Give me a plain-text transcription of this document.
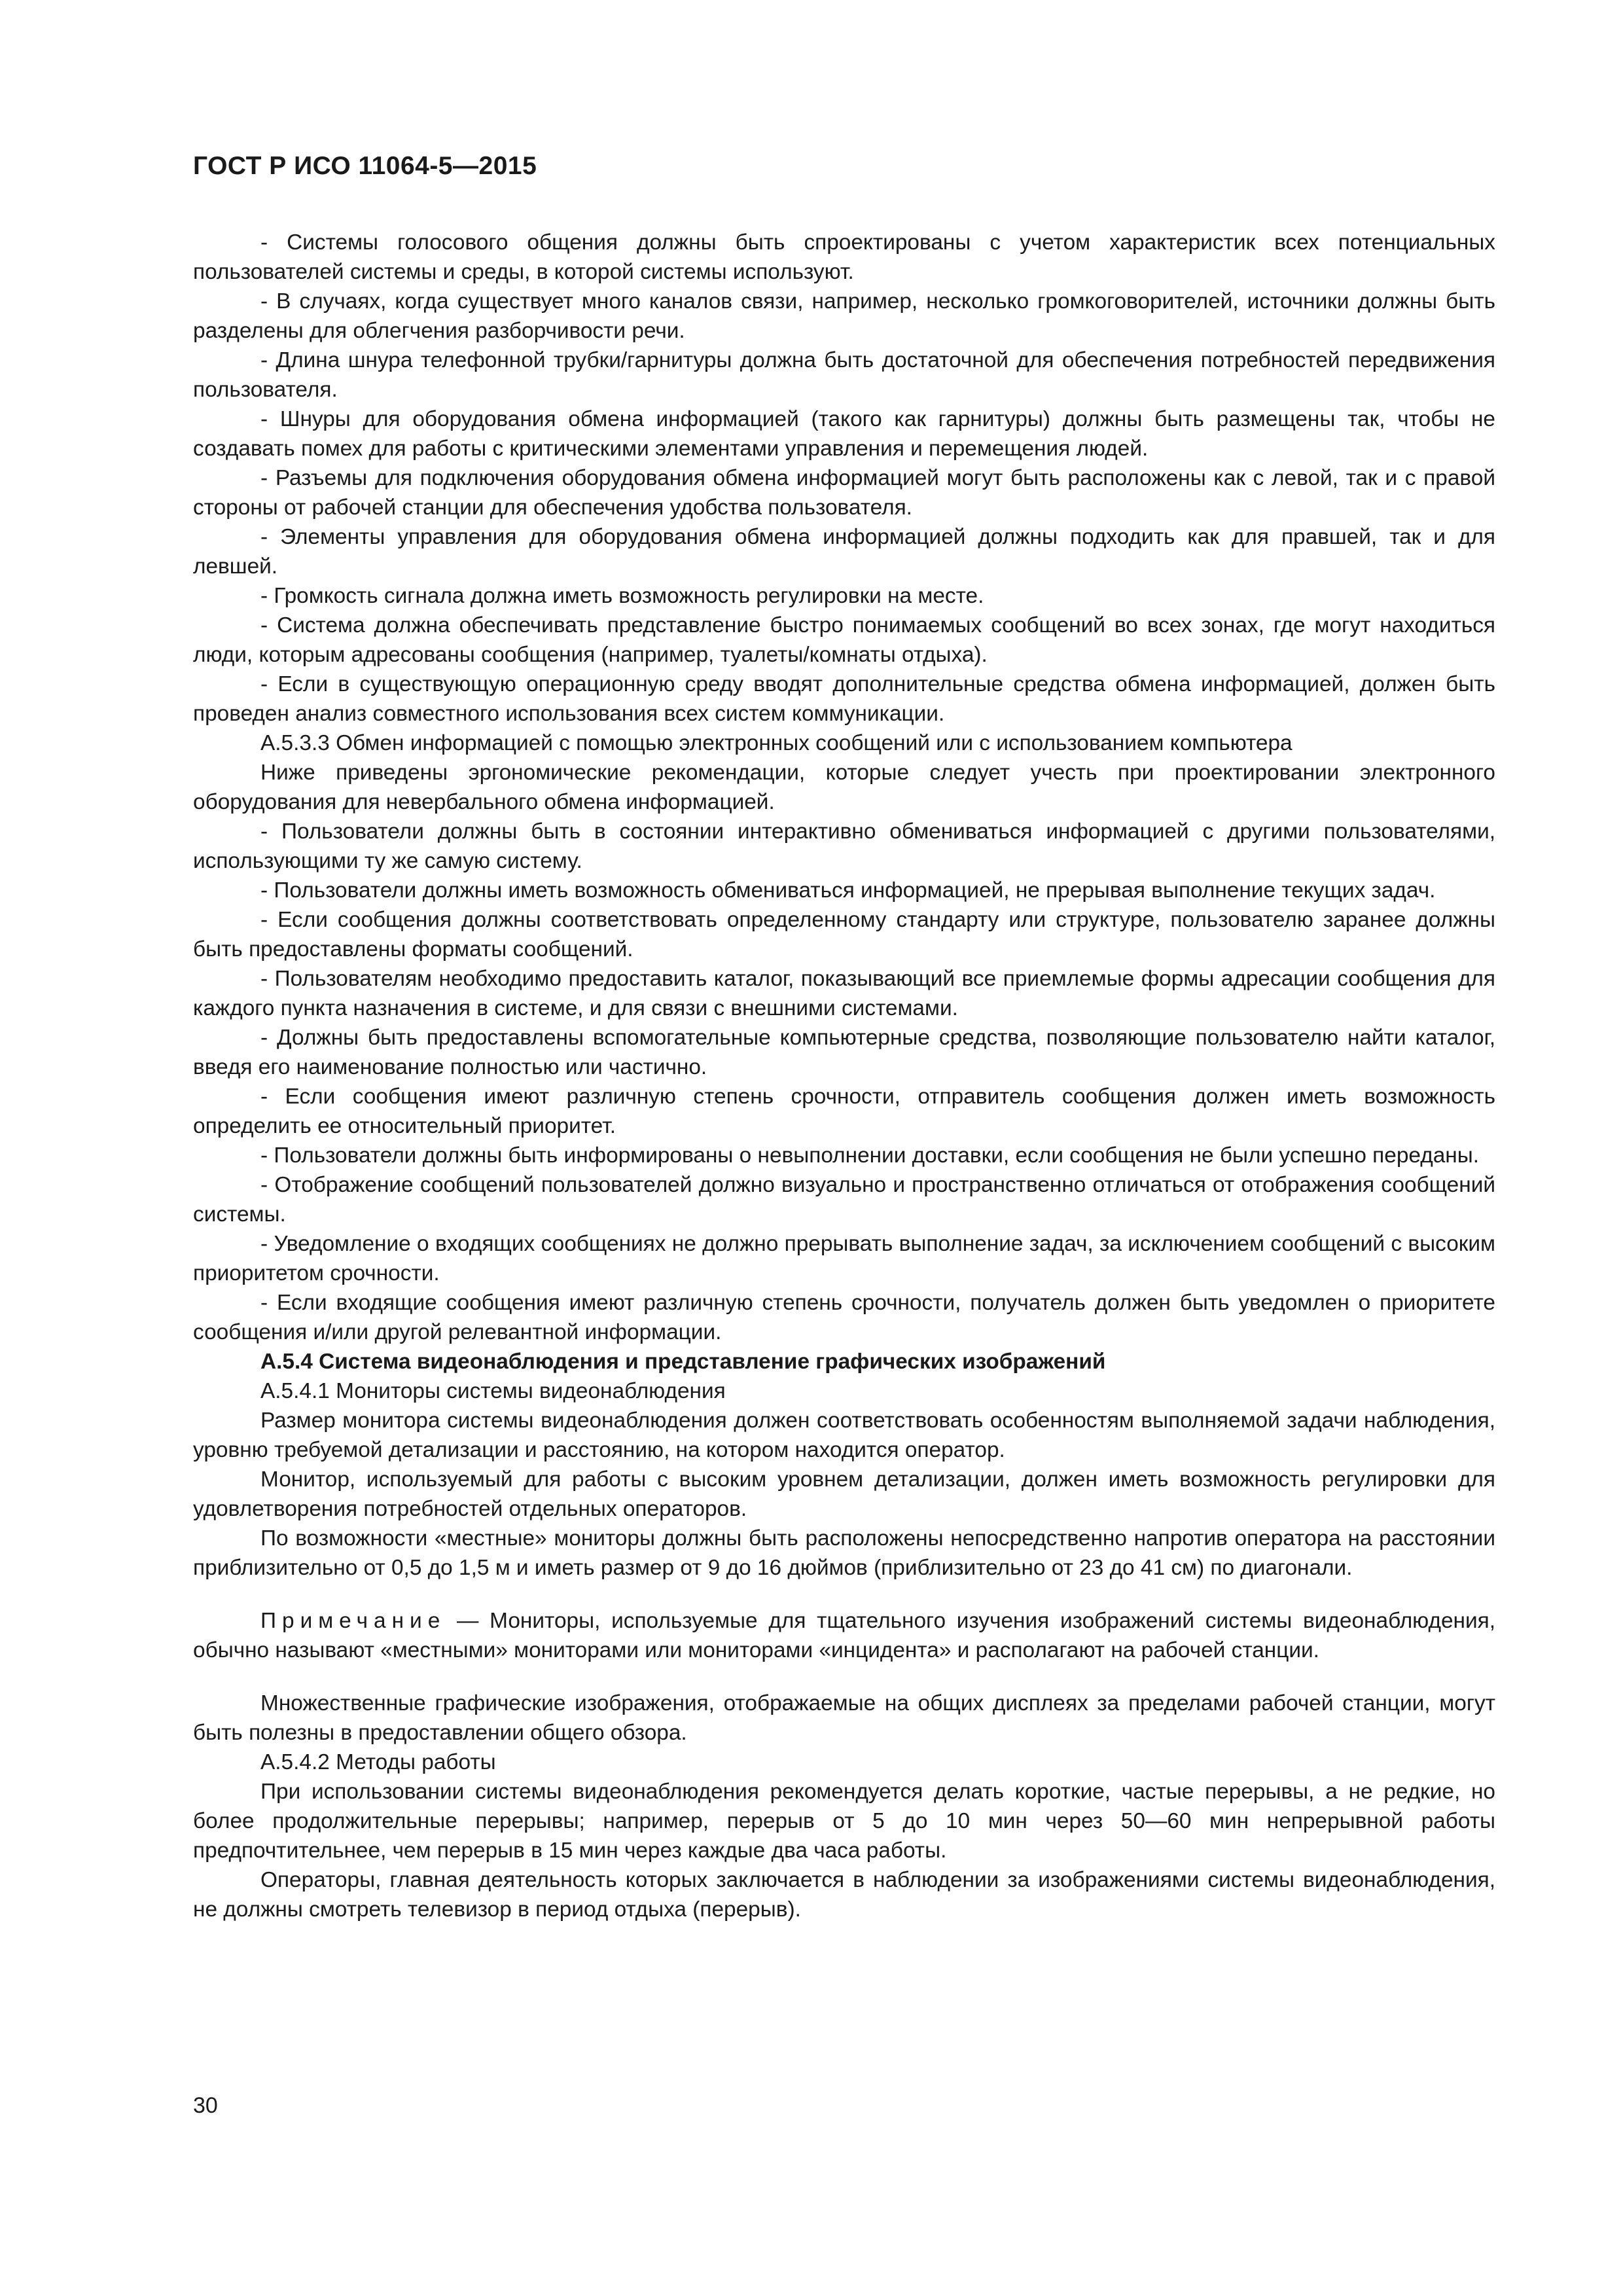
ГОСТ Р ИСО 11064-5—2015

- Системы голосового общения должны быть спроектированы с учетом характеристик всех потенциальных пользователей системы и среды, в которой системы используют.

- В случаях, когда существует много каналов связи, например, несколько громкоговорителей, источники должны быть разделены для облегчения разборчивости речи.

- Длина шнура телефонной трубки/гарнитуры должна быть достаточной для обеспечения потребностей передвижения пользователя.

- Шнуры для оборудования обмена информацией (такого как гарнитуры) должны быть размещены так, чтобы не создавать помех для работы с критическими элементами управления и перемещения людей.

- Разъемы для подключения оборудования обмена информацией могут быть расположены как с левой, так и с правой стороны от рабочей станции для обеспечения удобства пользователя.

- Элементы управления для оборудования обмена информацией должны подходить как для правшей, так и для левшей.

- Громкость сигнала должна иметь возможность регулировки на месте.

- Система должна обеспечивать представление быстро понимаемых сообщений во всех зонах, где могут находиться люди, которым адресованы сообщения (например, туалеты/комнаты отдыха).

- Если в существующую операционную среду вводят дополнительные средства обмена информацией, должен быть проведен анализ совместного использования всех систем коммуникации.

А.5.3.3 Обмен информацией с помощью электронных сообщений или с использованием компьютера

Ниже приведены эргономические рекомендации, которые следует учесть при проектировании электронного оборудования для невербального обмена информацией.

- Пользователи должны быть в состоянии интерактивно обмениваться информацией с другими пользователями, использующими ту же самую систему.

- Пользователи должны иметь возможность обмениваться информацией, не прерывая выполнение текущих задач.

- Если сообщения должны соответствовать определенному стандарту или структуре, пользователю заранее должны быть предоставлены форматы сообщений.

- Пользователям необходимо предоставить каталог, показывающий все приемлемые формы адресации сообщения для каждого пункта назначения в системе, и для связи с внешними системами.

- Должны быть предоставлены вспомогательные компьютерные средства, позволяющие пользователю найти каталог, введя его наименование полностью или частично.

- Если сообщения имеют различную степень срочности, отправитель сообщения должен иметь возможность определить ее относительный приоритет.

- Пользователи должны быть информированы о невыполнении доставки, если сообщения не были успешно переданы.

- Отображение сообщений пользователей должно визуально и пространственно отличаться от отображения сообщений системы.

- Уведомление о входящих сообщениях не должно прерывать выполнение задач, за исключением сообщений с высоким приоритетом срочности.

- Если входящие сообщения имеют различную степень срочности, получатель должен быть уведомлен о приоритете сообщения и/или другой релевантной информации.

А.5.4 Система видеонаблюдения и представление графических изображений

А.5.4.1 Мониторы системы видеонаблюдения

Размер монитора системы видеонаблюдения должен соответствовать особенностям выполняемой задачи наблюдения, уровню требуемой детализации и расстоянию, на котором находится оператор.

Монитор, используемый для работы с высоким уровнем детализации, должен иметь возможность регулировки для удовлетворения потребностей отдельных операторов.

По возможности «местные» мониторы должны быть расположены непосредственно напротив оператора на расстоянии приблизительно от 0,5 до 1,5 м и иметь размер от 9 до 16 дюймов (приблизительно от 23 до 41 см) по диагонали.

Примечание — Мониторы, используемые для тщательного изучения изображений системы видеонаблюдения, обычно называют «местными» мониторами или мониторами «инцидента» и располагают на рабочей станции.

Множественные графические изображения, отображаемые на общих дисплеях за пределами рабочей станции, могут быть полезны в предоставлении общего обзора.

А.5.4.2 Методы работы

При использовании системы видеонаблюдения рекомендуется делать короткие, частые перерывы, а не редкие, но более продолжительные перерывы; например, перерыв от 5 до 10 мин через 50—60 мин непрерывной работы предпочтительнее, чем перерыв в 15 мин через каждые два часа работы.

Операторы, главная деятельность которых заключается в наблюдении за изображениями системы видеонаблюдения, не должны смотреть телевизор в период отдыха (перерыв).

30
